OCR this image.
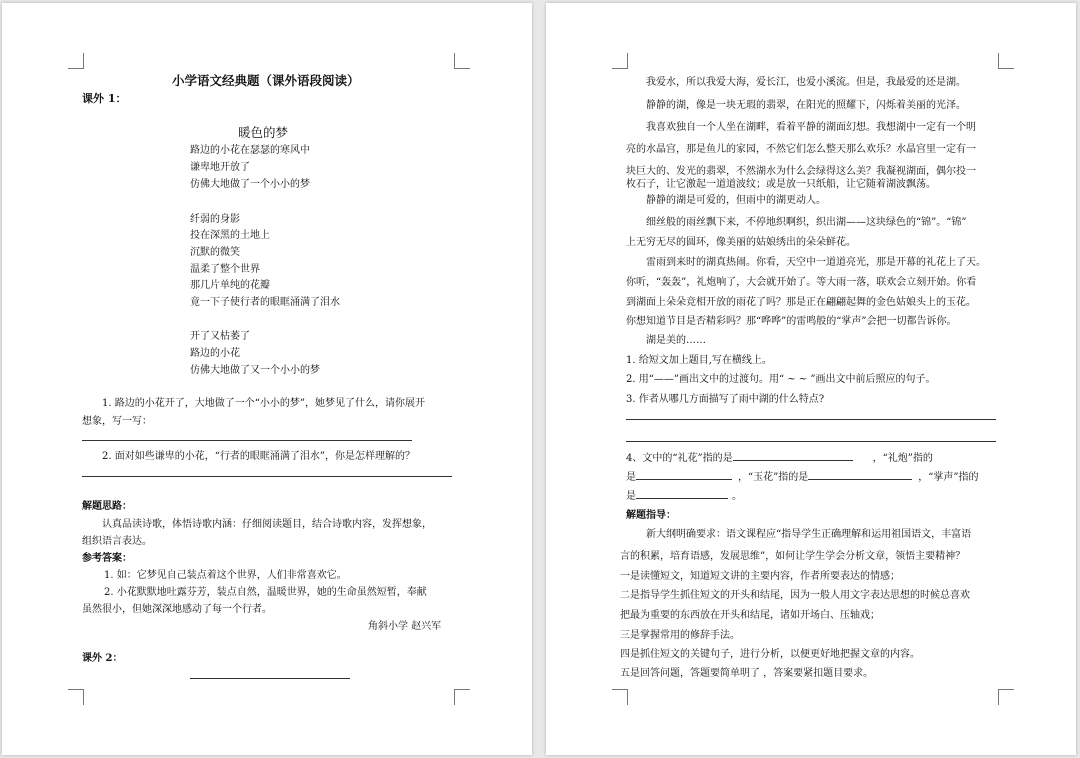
小学语文经典题（课外语段阅读）
课外 1：
暖色的梦
路边的小花在瑟瑟的寒风中
谦卑地开放了
仿佛大地做了一个小小的梦
纤弱的身影
投在深黑的土地上
沉默的微笑
温柔了整个世界
那几片单纯的花瓣
竟一下子使行者的眼眶涌满了泪水
开了又枯萎了
路边的小花
仿佛大地做了又一个小小的梦
1. 路边的小花开了，大地做了一个“小小的梦”，她梦见了什么，请你展开
想象，写一写：
2. 面对如些谦卑的小花，“行者的眼眶涌满了泪水”，你是怎样理解的？
解题思路：
认真品读诗歌，体悟诗歌内涵：仔细阅读题目，结合诗歌内容，发挥想象，
组织语言表达。
参考答案：
1. 如：它梦见自己装点着这个世界，人们非常喜欢它。
2. 小花默默地吐露芬芳，装点自然，温暖世界，她的生命虽然短暂，奉献
虽然很小，但她深深地感动了每一个行者。
角斜小学 赵兴军
课外 2：
我爱水，所以我爱大海，爱长江，也爱小溪流。但是，我最爱的还是湖。
静静的湖，像是一块无瑕的翡翠，在阳光的照耀下，闪烁着美丽的光泽。
我喜欢独自一个人坐在湖畔，看着平静的湖面幻想。我想湖中一定有一个明
亮的水晶宫，那是鱼儿的家园，不然它们怎么整天那么欢乐？水晶宫里一定有一
块巨大的、发光的翡翠，不然湖水为什么会绿得这么美？我凝视湖面，偶尔投一
枚石子，让它激起一道道波纹；或是放一只纸船，让它随着湖波飘荡。
静静的湖是可爱的，但雨中的湖更动人。
细丝般的雨丝飘下来，不停地织啊织，织出湖——这块绿色的“锦”。“锦”
上无穷无尽的圆环，像美丽的姑娘绣出的朵朵鲜花。
雷雨到来时的湖真热闹。你看，天空中一道道亮光，那是开幕的礼花上了天。
你听，“轰轰”，礼炮响了，大会就开始了。等大雨一落，联欢会立刻开始。你看
到湖面上朵朵竞相开放的雨花了吗？那是正在翩翩起舞的金色姑娘头上的玉花。
你想知道节目是否精彩吗？那“哗哗”的雷鸣般的“掌声”会把一切都告诉你。
湖是美的……
1. 给短文加上题目,写在横线上。
2. 用“——”画出文中的过渡句。用“ ~ ~ ”画出文中前后照应的句子。
3. 作者从哪几方面描写了雨中湖的什么特点?
4、文中的“礼花”指的是	，“礼炮”指的
是	，“玉花”指的是	，“掌声”指的
是	。
解题指导：
新大纲明确要求：语文课程应“指导学生正确理解和运用祖国语文，丰富语
言的积累，培育语感，发展思维”，如何让学生学会分析文章，领悟主要精神？
一是读懂短文，知道短文讲的主要内容，作者所要表达的情感；
二是指导学生抓住短文的开头和结尾，因为一般人用文字表达思想的时候总喜欢
把最为重要的东西放在开头和结尾，诸如开场白、压轴戏；
三是掌握常用的修辞手法。
四是抓住短文的关键句子，进行分析，以便更好地把握文章的内容。
五是回答问题，答题要简单明了 ，答案要紧扣题目要求。
